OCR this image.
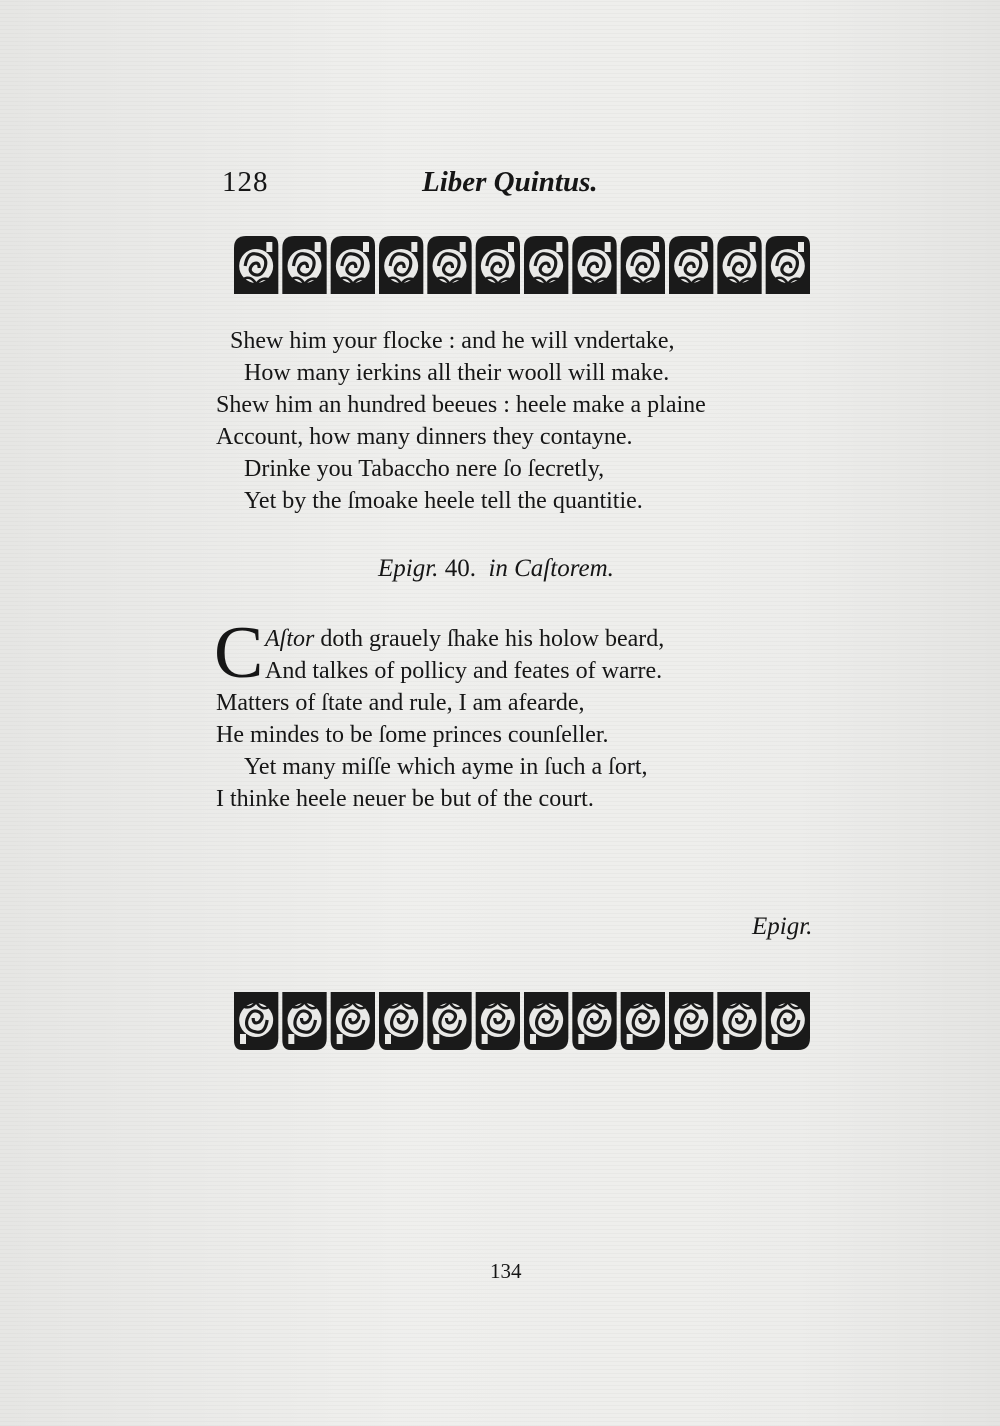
128	Liber Quintus.
Shew him your flocke : and he will vndertake,
How many ierkins all their wooll will make.
Shew him an hundred beeues : heele make a plaine
Account, how many dinners they contayne.
Drinke you Tabaccho nere ſo ſecretly,
Yet by the ſmoake heele tell the quantitie.
Epigr. 40. in Caſtorem.
C Aſtor doth grauely ſhake his holow beard,
And talkes of pollicy and feates of warre.
Matters of ſtate and rule, I am afearde,
He mindes to be ſome princes counſeller.
Yet many miſſe which ayme in ſuch a ſort,
I thinke heele neuer be but of the court.
Epigr.
134
